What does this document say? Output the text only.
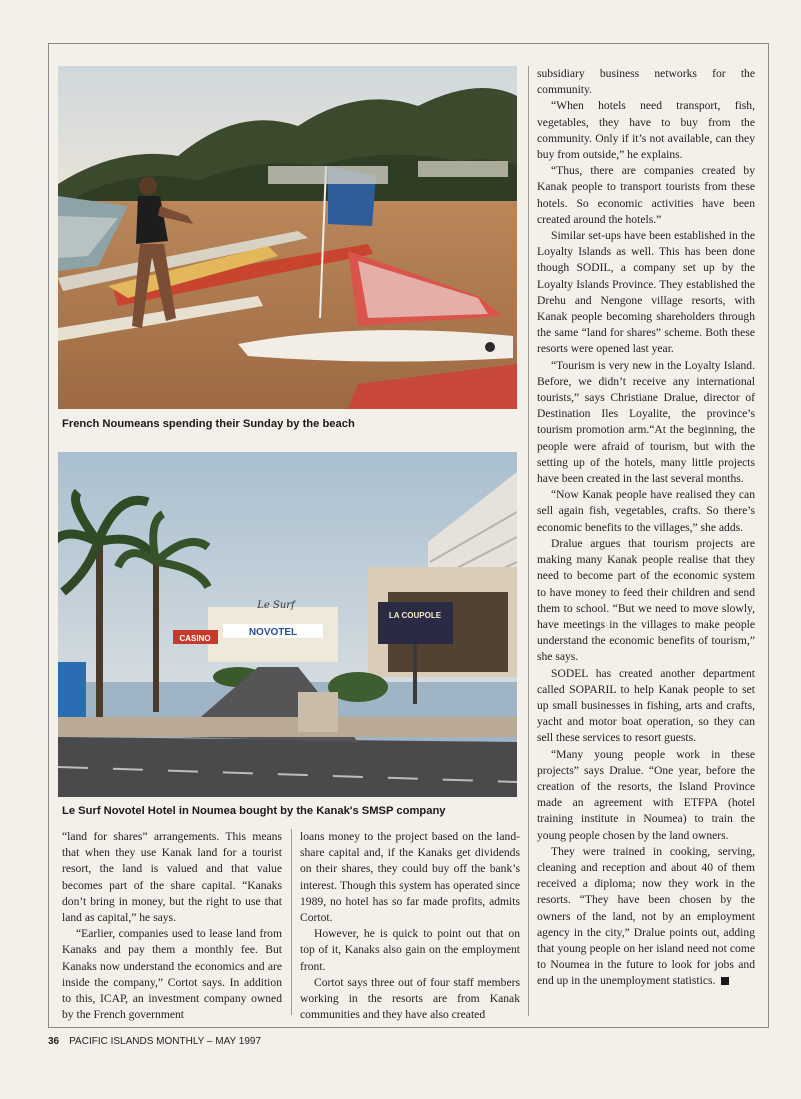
French Noumeans spending their Sunday by the beach
NOVOTEL
Le Surf
CASINO
LA COUPOLE
Le Surf Novotel Hotel in Noumea bought by the Kanak's SMSP company

“land for shares” arrangements. This means that when they use Kanak land for a tourist resort, the land is valued and that value becomes part of the share capital. “Kanaks don’t bring in money, but the right to use that land as capital,” he says.

“Earlier, companies used to lease land from Kanaks and pay them a monthly fee. But Kanaks now understand the economics and are inside the company,” Cortot says. In addition to this, ICAP, an investment company owned by the French government

loans money to the project based on the land-share capital and, if the Kanaks get dividends on their shares, they could buy off the bank’s interest. Though this system has operated since 1989, no hotel has so far made profits, admits Cortot.

However, he is quick to point out that on top of it, Kanaks also gain on the employment front.

Cortot says three out of four staff members working in the resorts are from Kanak communities and they have also created

subsidiary business networks for the community.

“When hotels need transport, fish, vegetables, they have to buy from the community. Only if it’s not available, can they buy from outside,” he explains.

“Thus, there are companies created by Kanak people to transport tourists from these hotels. So economic activities have been created around the hotels.”

Similar set-ups have been established in the Loyalty Islands as well. This has been done though SODIL, a company set up by the Loyalty Islands Province. They established the Drehu and Nengone village resorts, with Kanak people becoming shareholders through the same “land for shares” scheme. Both these resorts were opened last year.

“Tourism is very new in the Loyalty Island. Before, we didn’t receive any international tourists,” says Christiane Dralue, director of Destination Iles Loyalite, the province’s tourism promotion arm.“At the beginning, the people were afraid of tourism, but with the setting up of the hotels, many little projects have been created in the last several months.

“Now Kanak people have realised they can sell again fish, vegetables, crafts. So there’s economic benefits to the villages,” she adds.

Dralue argues that tourism projects are making many Kanak people realise that they need to become part of the economic system to have money to feed their children and send them to school. “But we need to move slowly, have meetings in the villages to make people understand the economic benefits of tourism,” she says.

SODEL has created another department called SOPARIL to help Kanak people to set up small businesses in fishing, arts and crafts, yacht and motor boat operation, so they can sell these services to resort guests.

“Many young people work in these projects” says Dralue. “One year, before the creation of the resorts, the Island Province made an agreement with ETFPA (hotel training institute in Noumea) to train the young people chosen by the land owners.

They were trained in cooking, serving, cleaning and reception and about 40 of them received a diploma; now they work in the resorts. “They have been chosen by the owners of the land, not by an employment agency in the city,” Dralue points out, adding that young people on her island need not come to Noumea in the future to look for jobs and end up in the unemployment statistics.

36 PACIFIC ISLANDS MONTHLY – MAY 1997
